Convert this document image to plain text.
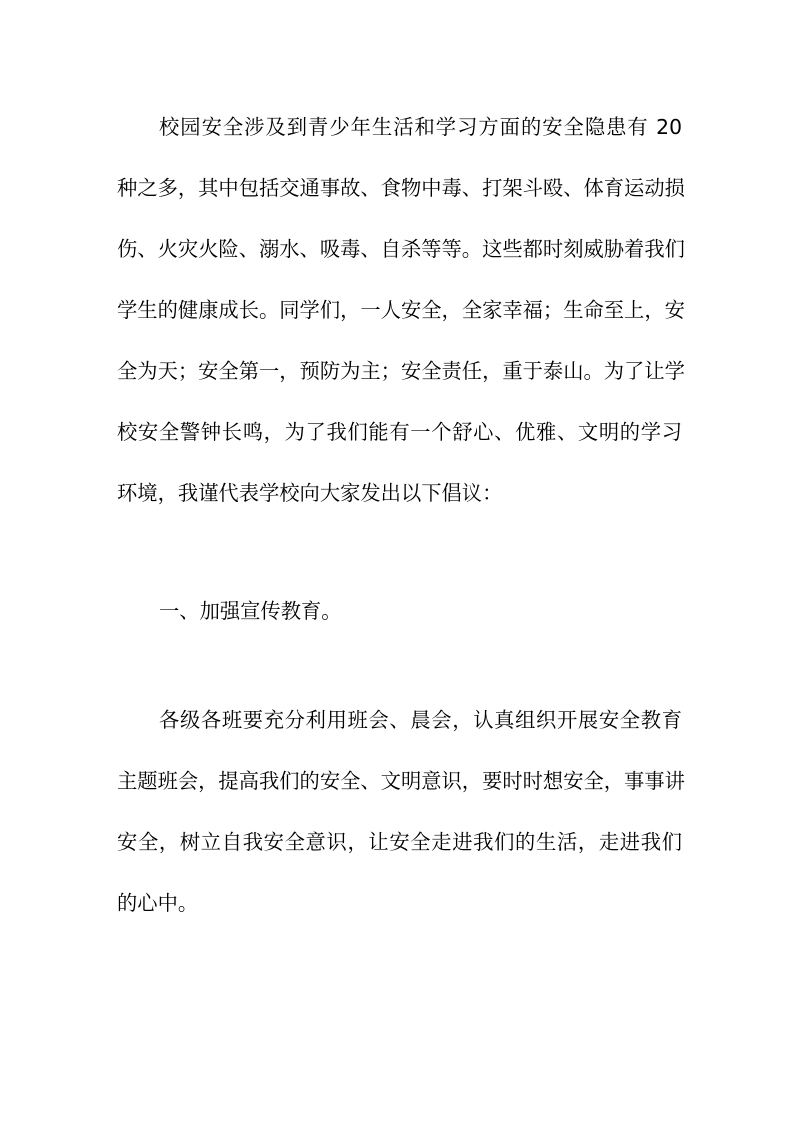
校园安全涉及到青少年生活和学习方面的安全隐患有 20

种之多，其中包括交通事故、食物中毒、打架斗殴、体育运动损

伤、火灾火险、溺水、吸毒、自杀等等。这些都时刻威胁着我们

学生的健康成长。同学们，一人安全，全家幸福；生命至上，安

全为天；安全第一，预防为主；安全责任，重于泰山。为了让学

校安全警钟长鸣，为了我们能有一个舒心、优雅、文明的学习

环境，我谨代表学校向大家发出以下倡议：

一、加强宣传教育。

各级各班要充分利用班会、晨会，认真组织开展安全教育

主题班会，提高我们的安全、文明意识，要时时想安全，事事讲

安全，树立自我安全意识，让安全走进我们的生活，走进我们

的心中。
